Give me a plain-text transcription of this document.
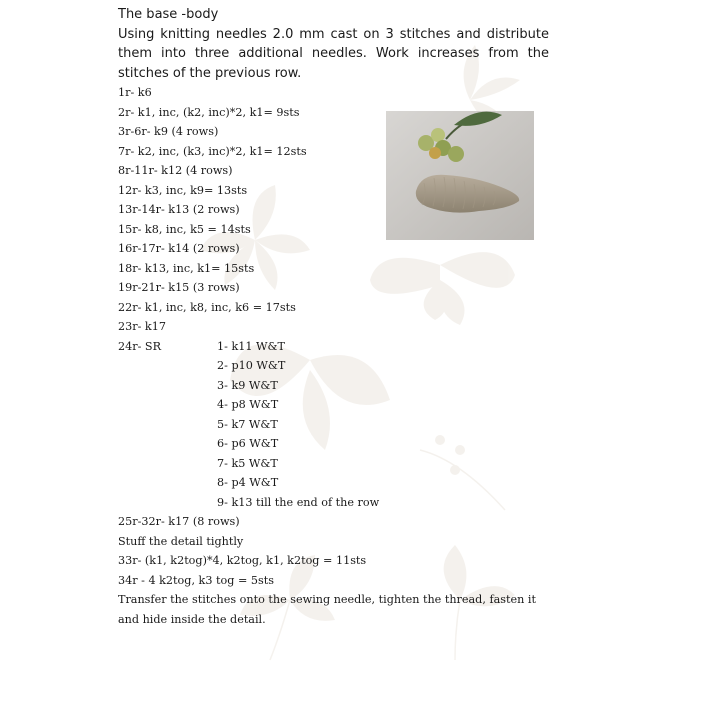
The base -body
Using knitting needles 2.0 mm cast on 3 stitches and distribute them into three additional needles. Work increases from the stitches of the previous row.
1r- k6
2r- k1, inc, (k2, inc)*2, k1= 9sts
3r-6r- k9 (4 rows)
7r- k2, inc, (k3, inc)*2, k1= 12sts
8r-11r- k12 (4 rows)
12r- k3, inc, k9= 13sts
13r-14r- k13 (2 rows)
15r- k8, inc, k5 = 14sts
16r-17r- k14 (2 rows)
18r- k13, inc, k1= 15sts
19r-21r- k15 (3 rows)
22r- k1, inc, k8, inc, k6 = 17sts
23r- k17
24r- SR	1- k11 W&T
2- p10 W&T
3- k9 W&T
4- p8 W&T
5- k7 W&T
6- p6 W&T
7- k5 W&T
8- p4 W&T
9- k13 till the end of the row
25r-32r- k17 (8 rows)
Stuff the detail tightly
33r- (k1, k2tog)*4, k2tog, k1, k2tog = 11sts
34r - 4 k2tog, k3 tog = 5sts
Transfer the stitches onto the sewing needle, tighten the thread, fasten it and hide inside the detail.
